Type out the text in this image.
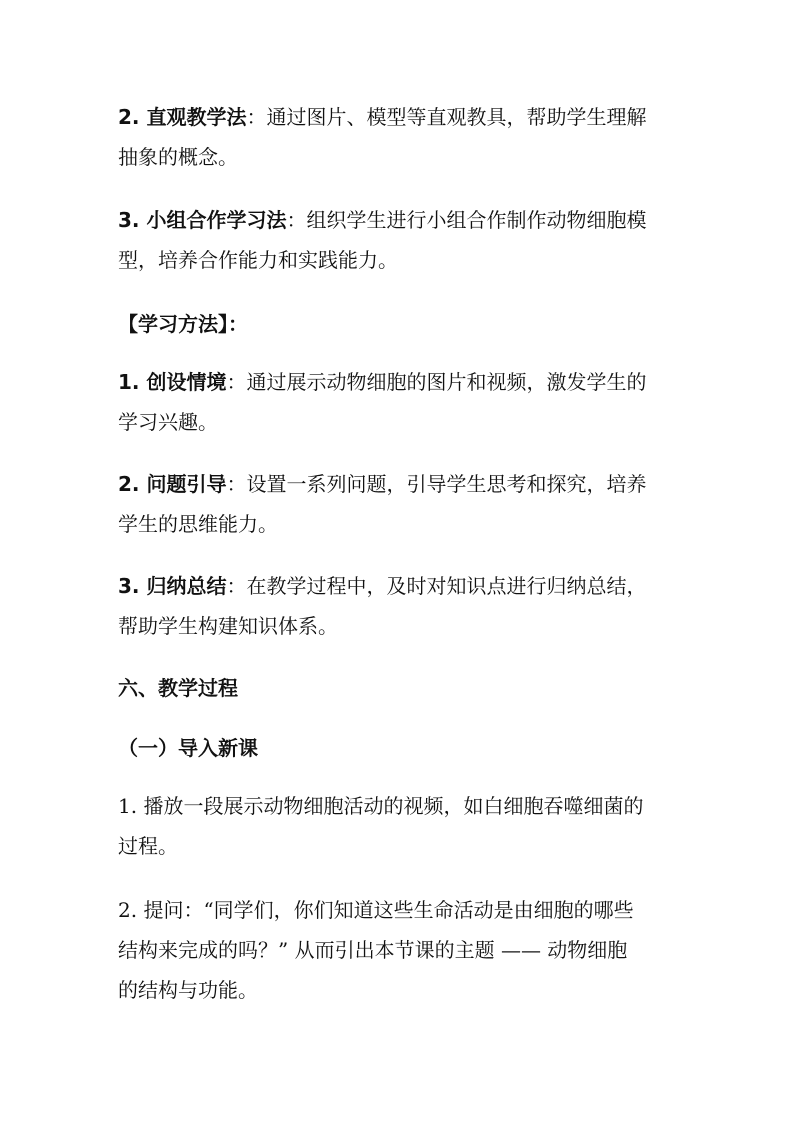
2. 直观教学法：通过图片、模型等直观教具，帮助学生理解
抽象的概念。

3. 小组合作学习法：组织学生进行小组合作制作动物细胞模
型，培养合作能力和实践能力。

【学习方法】：

1. 创设情境：通过展示动物细胞的图片和视频，激发学生的
学习兴趣。

2. 问题引导：设置一系列问题，引导学生思考和探究，培养
学生的思维能力。

3. 归纳总结：在教学过程中，及时对知识点进行归纳总结，
帮助学生构建知识体系。

六、教学过程

（一）导入新课

1. 播放一段展示动物细胞活动的视频，如白细胞吞噬细菌的
过程。

2. 提问：“同学们，你们知道这些生命活动是由细胞的哪些
结构来完成的吗？” 从而引出本节课的主题 —— 动物细胞
的结构与功能。
